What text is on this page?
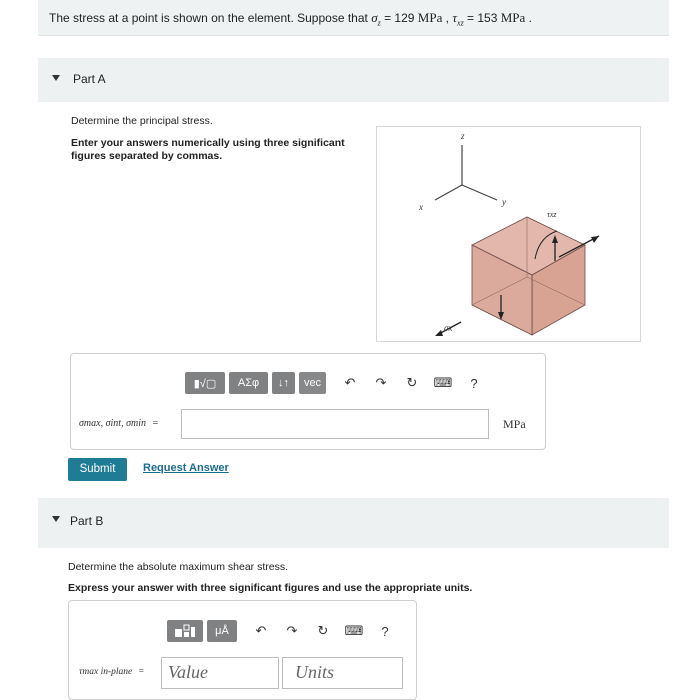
The stress at a point is shown on the element. Suppose that $\sigma_z = 129$ MPa , $\tau_{xz} = 153$ MPa .
Part A
Determine the principal stress.
Enter your answers numerically using three significant
figures separated by commas.
z
y
x
τxz
σx
▮√▢	ΑΣφ	↓↑	vec	↶	↷	↻	⌨	?
σmax, σint, σmin =	MPa
Submit	Request Answer
Part B
Determine the absolute maximum shear stress.
Express your answer with three significant figures and use the appropriate units.
μÅ	↶	↷	↻	⌨	?
τmax in-plane =	Value	Units
